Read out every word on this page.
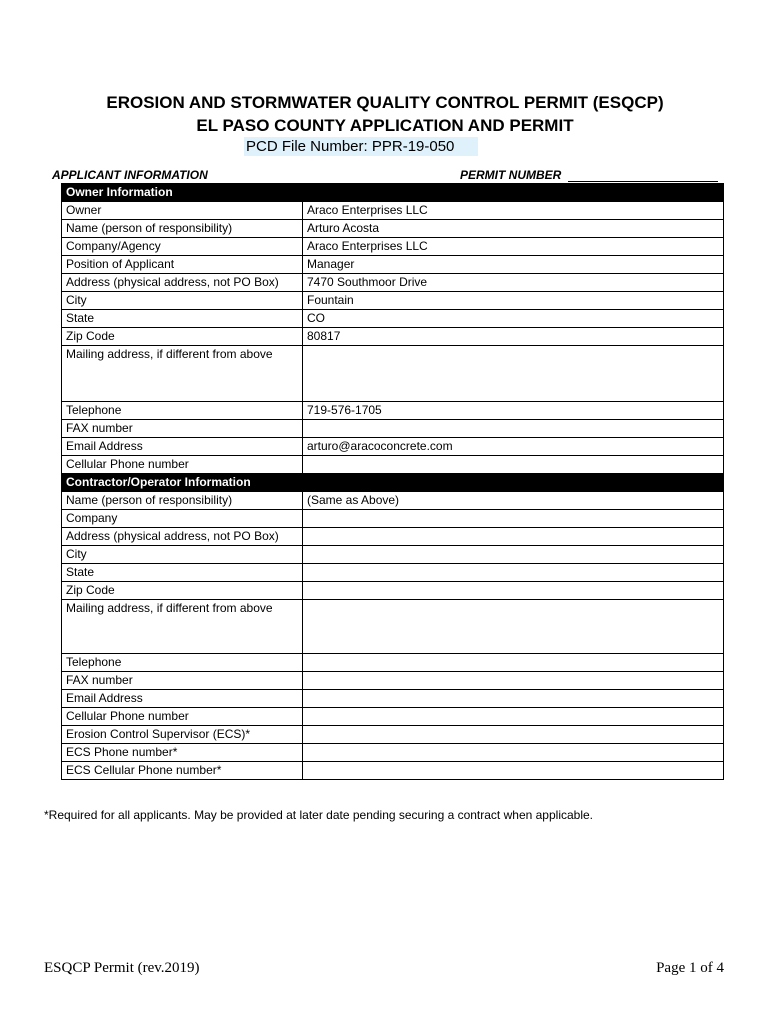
EROSION AND STORMWATER QUALITY CONTROL PERMIT (ESQCP)
EL PASO COUNTY APPLICATION AND PERMIT
PCD File Number: PPR-19-050
APPLICANT INFORMATION	PERMIT NUMBER
Owner Information	
Owner	Araco Enterprises LLC
Name (person of responsibility)	Arturo Acosta
Company/Agency	Araco Enterprises LLC
Position of Applicant	Manager
Address (physical address, not PO Box)	7470 Southmoor Drive
City	Fountain
State	CO
Zip Code	80817
Mailing address, if different from above	
Telephone	719-576-1705
FAX number	
Email Address	arturo@aracoconcrete.com
Cellular Phone number	
Contractor/Operator Information	
Name (person of responsibility)	(Same as Above)
Company	
Address (physical address, not PO Box)	
City	
State	
Zip Code	
Mailing address, if different from above	
Telephone	
FAX number	
Email Address	
Cellular Phone number	
Erosion Control Supervisor (ECS)*	
ECS Phone number*	
ECS Cellular Phone number*	
*Required for all applicants. May be provided at later date pending securing a contract when applicable.
ESQCP Permit (rev.2019)	Page 1 of 4
